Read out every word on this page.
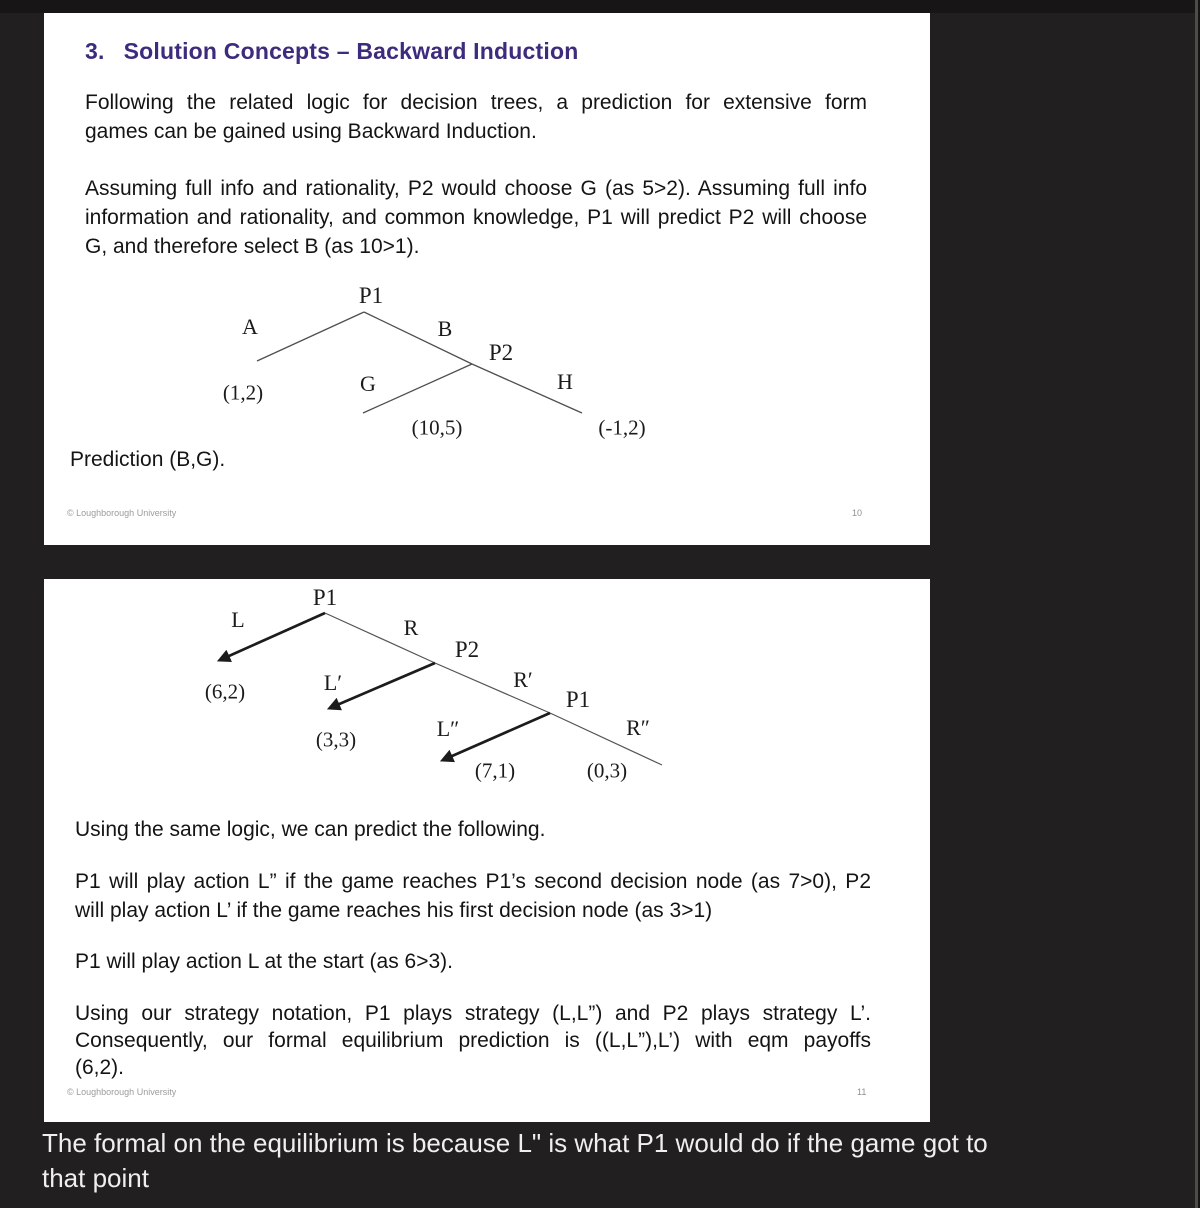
3. Solution Concepts – Backward Induction
Following the related logic for decision trees, a prediction for extensive form
games can be gained using Backward Induction.
Assuming full info and rationality, P2 would choose G (as 5>2). Assuming full info
information and rationality, and common knowledge, P1 will predict P2 will choose
G, and therefore select B (as 10>1).
P1
A	B
P2
G	H
(1,2)
(10,5)	(-1,2)
Prediction (B,G).
© Loughborough University	10
P1
L	R
P2
L′	R′
P1
L″	R″
(6,2)
(3,3)
(7,1)	(0,3)
Using the same logic, we can predict the following.
P1 will play action L” if the game reaches P1’s second decision node (as 7>0), P2
will play action L’ if the game reaches his first decision node (as 3>1)
P1 will play action L at the start (as 6>3).
Using our strategy notation, P1 plays strategy (L,L”) and P2 plays strategy L’.
Consequently, our formal equilibrium prediction is ((L,L”),L’) with eqm payoffs
(6,2).
© Loughborough University	11
The formal on the equilibrium is because L" is what P1 would do if the game got to
that point
